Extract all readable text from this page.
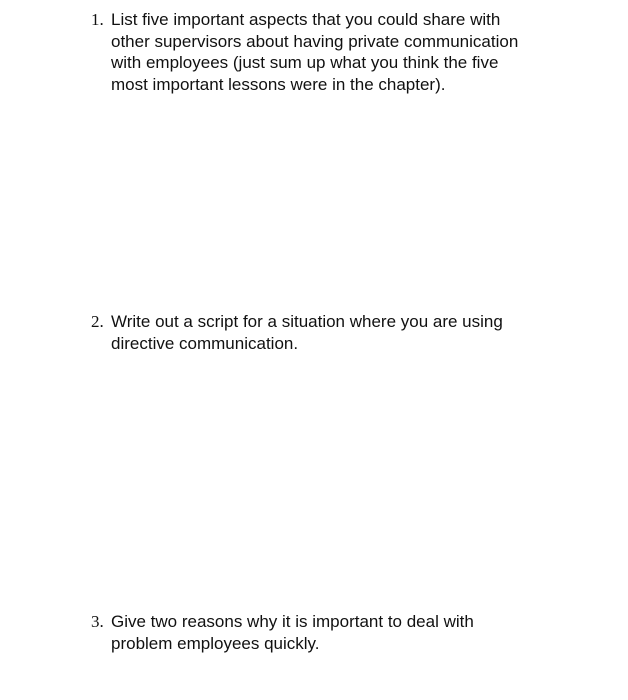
1. List five important aspects that you could share with
other supervisors about having private communication
with employees (just sum up what you think the five
most important lessons were in the chapter).

2. Write out a script for a situation where you are using
directive communication.

3. Give two reasons why it is important to deal with
problem employees quickly.
